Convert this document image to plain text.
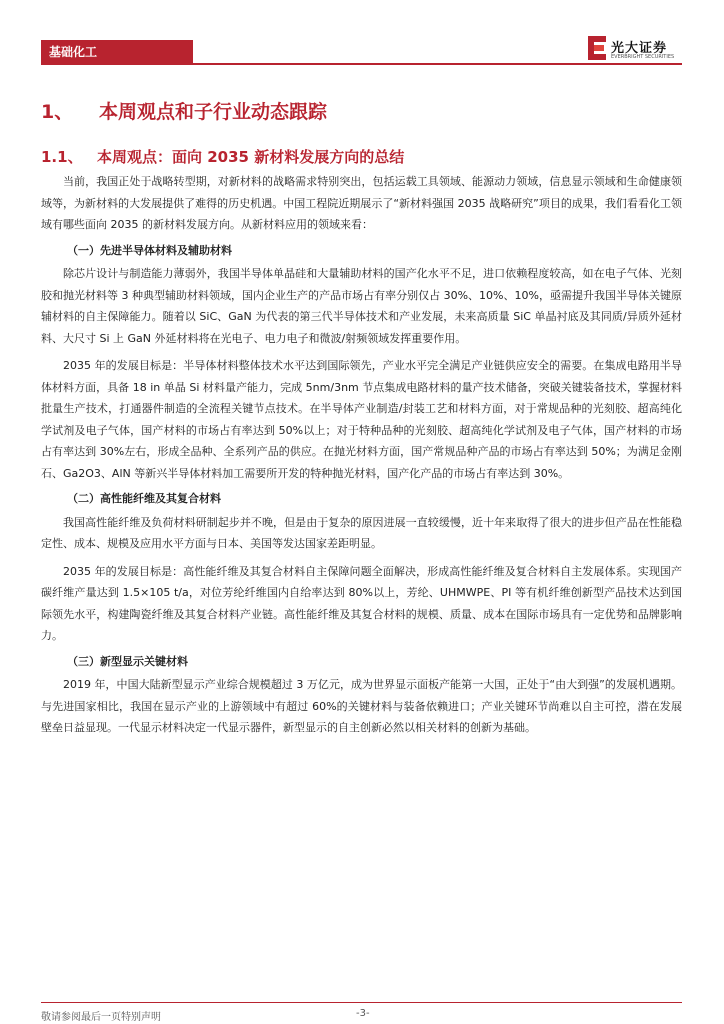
基础化工	光大证券
EVERBRIGHT SECURITIES
1、 本周观点和子行业动态跟踪
1.1、 本周观点：面向 2035 新材料发展方向的总结

当前，我国正处于战略转型期，对新材料的战略需求特别突出，包括运载工具领域、能源动力领域，信息显示领域和生命健康领域等，为新材料的大发展提供了难得的历史机遇。中国工程院近期展示了“新材料强国 2035 战略研究”项目的成果，我们看看化工领域有哪些面向 2035 的新材料发展方向。从新材料应用的领域来看：

（一）先进半导体材料及辅助材料

除芯片设计与制造能力薄弱外，我国半导体单晶硅和大量辅助材料的国产化水平不足，进口依赖程度较高，如在电子气体、光刻胶和抛光材料等 3 种典型辅助材料领域，国内企业生产的产品市场占有率分别仅占 30%、10%、10%，亟需提升我国半导体关键原辅材料的自主保障能力。随着以 SiC、GaN 为代表的第三代半导体技术和产业发展，未来高质量 SiC 单晶衬底及其同质/异质外延材料、大尺寸 Si 上 GaN 外延材料将在光电子、电力电子和微波/射频领域发挥重要作用。

2035 年的发展目标是：半导体材料整体技术水平达到国际领先，产业水平完全满足产业链供应安全的需要。在集成电路用半导体材料方面，具备 18 in 单晶 Si 材料量产能力，完成 5nm/3nm 节点集成电路材料的量产技术储备，突破关键装备技术，掌握材料批量生产技术，打通器件制造的全流程关键节点技术。在半导体产业制造/封装工艺和材料方面，对于常规品种的光刻胶、超高纯化学试剂及电子气体，国产材料的市场占有率达到 50%以上；对于特种品种的光刻胶、超高纯化学试剂及电子气体，国产材料的市场占有率达到 30%左右，形成全品种、全系列产品的供应。在抛光材料方面，国产常规品种产品的市场占有率达到 50%；为满足金刚石、Ga2O3、AlN 等新兴半导体材料加工需要所开发的特种抛光材料，国产化产品的市场占有率达到 30%。

（二）高性能纤维及其复合材料

我国高性能纤维及负荷材料研制起步并不晚，但是由于复杂的原因进展一直较缓慢，近十年来取得了很大的进步但产品在性能稳定性、成本、规模及应用水平方面与日本、美国等发达国家差距明显。

2035 年的发展目标是：高性能纤维及其复合材料自主保障问题全面解决，形成高性能纤维及复合材料自主发展体系。实现国产碳纤维产量达到 1.5×105 t/a，对位芳纶纤维国内自给率达到 80%以上，芳纶、UHMWPE、PI 等有机纤维创新型产品技术达到国际领先水平，构建陶瓷纤维及其复合材料产业链。高性能纤维及其复合材料的规模、质量、成本在国际市场具有一定优势和品牌影响力。

（三）新型显示关键材料

2019 年，中国大陆新型显示产业综合规模超过 3 万亿元，成为世界显示面板产能第一大国，正处于“由大到强”的发展机遇期。与先进国家相比，我国在显示产业的上游领域中有超过 60%的关键材料与装备依赖进口；产业关键环节尚难以自主可控，潜在发展壁垒日益显现。一代显示材料决定一代显示器件，新型显示的自主创新必然以相关材料的创新为基础。

敬请参阅最后一页特别声明	-3-
